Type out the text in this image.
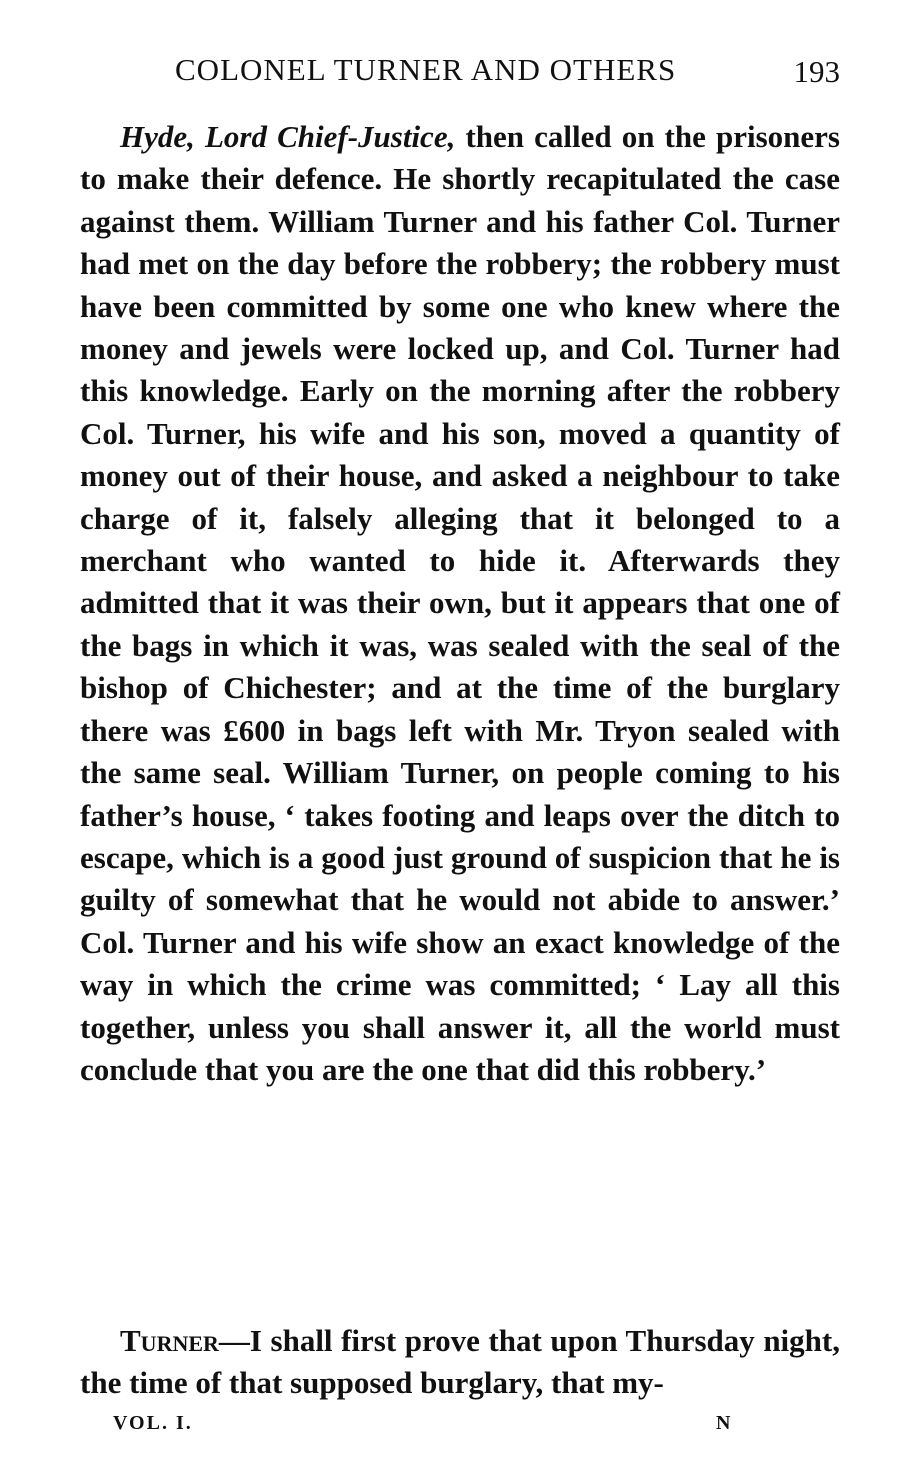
COLONEL TURNER AND OTHERS	193

Hyde, Lord Chief-Justice, then called on the prisoners to make their defence. He shortly recapitulated the case against them. William Turner and his father Col. Turner had met on the day before the robbery; the robbery must have been committed by some one who knew where the money and jewels were locked up, and Col. Turner had this knowledge. Early on the morning after the robbery Col. Turner, his wife and his son, moved a quantity of money out of their house, and asked a neighbour to take charge of it, falsely alleging that it belonged to a merchant who wanted to hide it. Afterwards they admitted that it was their own, but it appears that one of the bags in which it was, was sealed with the seal of the bishop of Chichester; and at the time of the burglary there was £600 in bags left with Mr. Tryon sealed with the same seal. William Turner, on people coming to his father’s house, ‘ takes footing and leaps over the ditch to escape, which is a good just ground of suspicion that he is guilty of somewhat that he would not abide to answer.’ Col. Turner and his wife show an exact knowledge of the way in which the crime was committed; ‘ Lay all this together, unless you shall answer it, all the world must conclude that you are the one that did this robbery.’

Turner—I shall first prove that upon Thursday night, the time of that supposed burglary, that my-

VOL. I.	N
